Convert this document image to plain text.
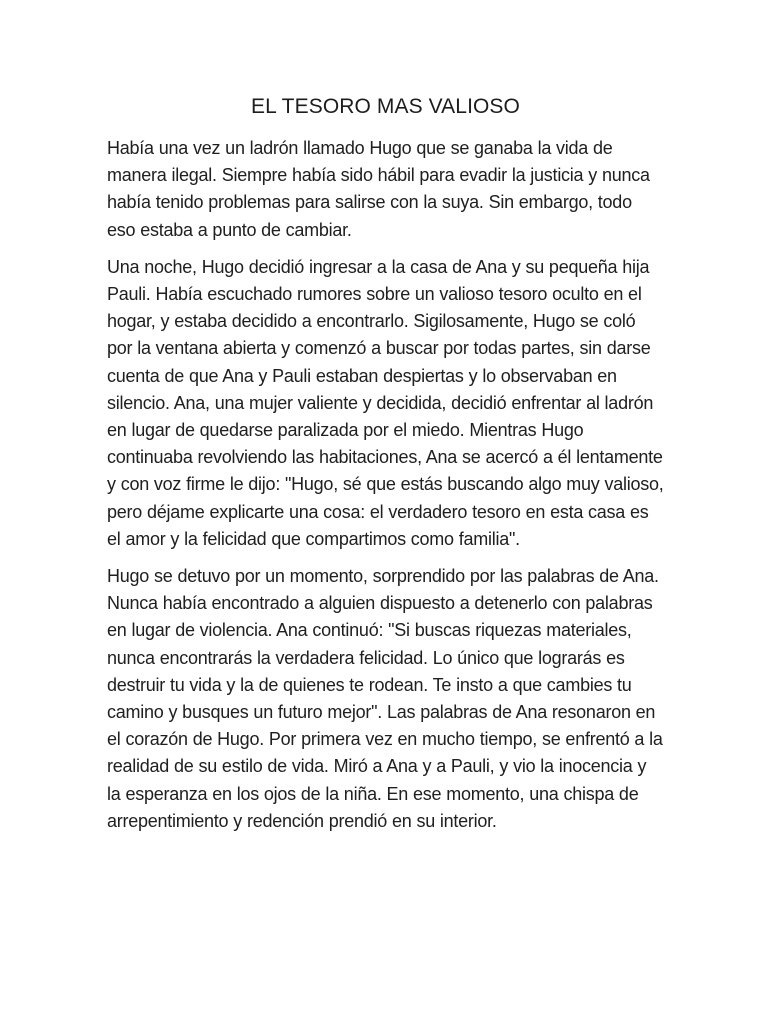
EL TESORO MAS VALIOSO

Había una vez un ladrón llamado Hugo que se ganaba la vida de manera ilegal. Siempre había sido hábil para evadir la justicia y nunca había tenido problemas para salirse con la suya. Sin embargo, todo eso estaba a punto de cambiar.

Una noche, Hugo decidió ingresar a la casa de Ana y su pequeña hija Pauli. Había escuchado rumores sobre un valioso tesoro oculto en el hogar, y estaba decidido a encontrarlo. Sigilosamente, Hugo se coló por la ventana abierta y comenzó a buscar por todas partes, sin darse cuenta de que Ana y Pauli estaban despiertas y lo observaban en silencio. Ana, una mujer valiente y decidida, decidió enfrentar al ladrón en lugar de quedarse paralizada por el miedo. Mientras Hugo continuaba revolviendo las habitaciones, Ana se acercó a él lentamente y con voz firme le dijo: "Hugo, sé que estás buscando algo muy valioso, pero déjame explicarte una cosa: el verdadero tesoro en esta casa es el amor y la felicidad que compartimos como familia".

Hugo se detuvo por un momento, sorprendido por las palabras de Ana. Nunca había encontrado a alguien dispuesto a detenerlo con palabras en lugar de violencia. Ana continuó: "Si buscas riquezas materiales, nunca encontrarás la verdadera felicidad. Lo único que lograrás es destruir tu vida y la de quienes te rodean. Te insto a que cambies tu camino y busques un futuro mejor". Las palabras de Ana resonaron en el corazón de Hugo. Por primera vez en mucho tiempo, se enfrentó a la realidad de su estilo de vida. Miró a Ana y a Pauli, y vio la inocencia y la esperanza en los ojos de la niña. En ese momento, una chispa de arrepentimiento y redención prendió en su interior.
